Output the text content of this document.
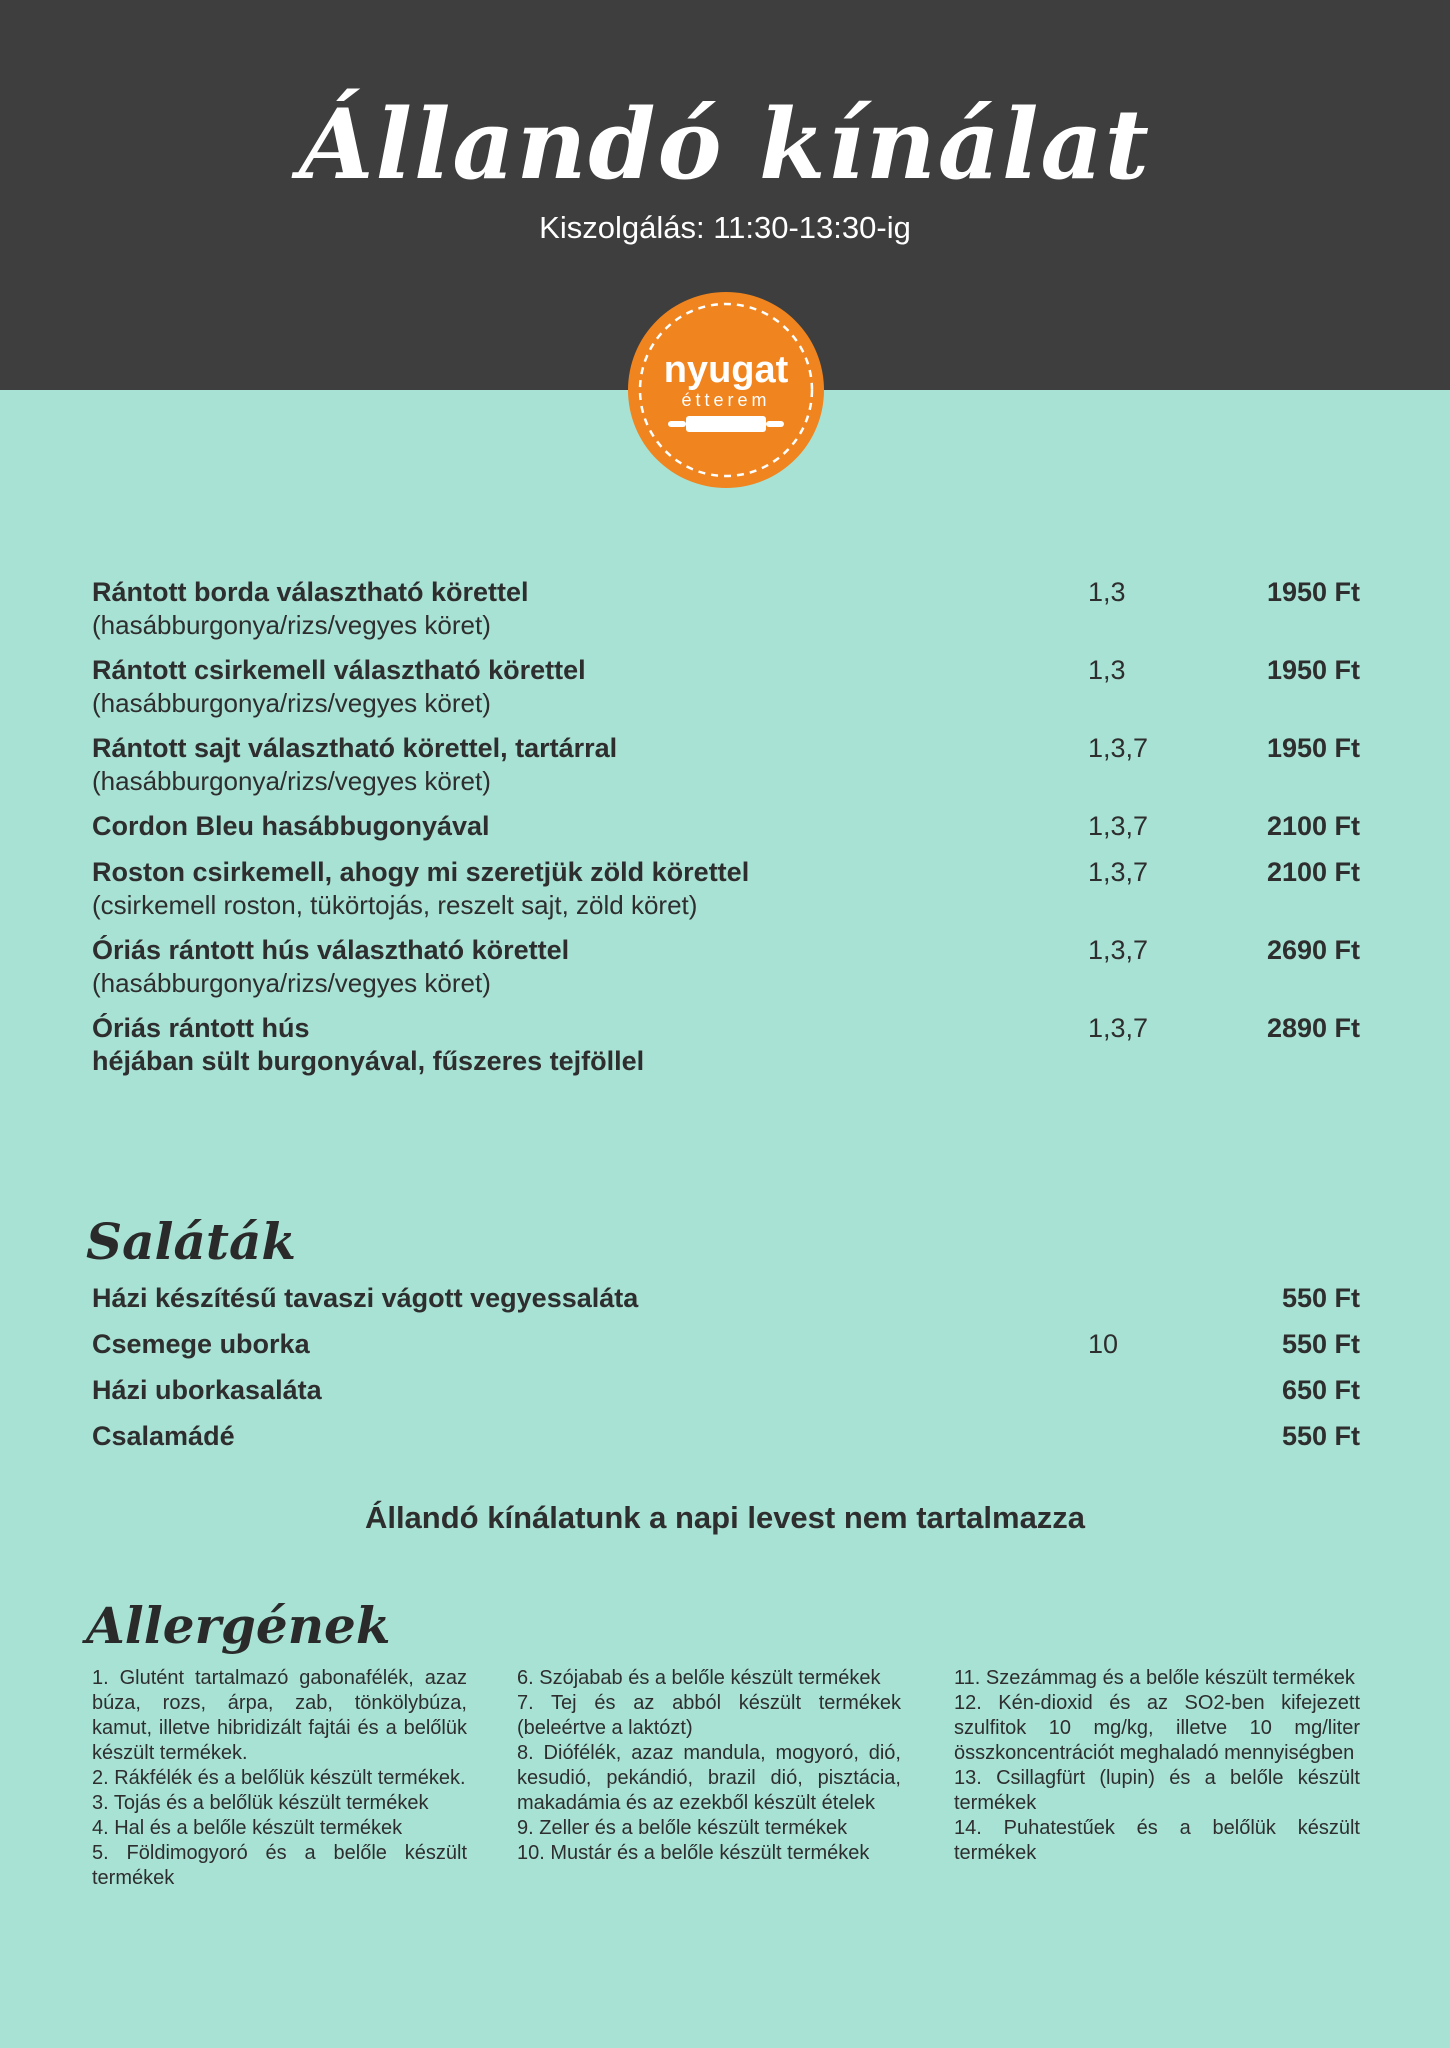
Állandó kínálat
Kiszolgálás: 11:30-13:30-ig
nyugat
étterem
Rántott borda választható körettel
(hasábburgonya/rizs/vegyes köret)
1,3	1950 Ft
Rántott csirkemell választható körettel
(hasábburgonya/rizs/vegyes köret)
1,3	1950 Ft
Rántott sajt választható körettel, tartárral
(hasábburgonya/rizs/vegyes köret)
1,3,7	1950 Ft
Cordon Bleu hasábbugonyával	1,3,7	2100 Ft
Roston csirkemell, ahogy mi szeretjük zöld körettel
(csirkemell roston, tükörtojás, reszelt sajt, zöld köret)
1,3,7	2100 Ft
Óriás rántott hús választható körettel
(hasábburgonya/rizs/vegyes köret)
1,3,7	2690 Ft
Óriás rántott hús
héjában sült burgonyával, fűszeres tejföllel
1,3,7	2890 Ft
Saláták
Házi készítésű tavaszi vágott vegyessaláta	550 Ft
Csemege uborka	10	550 Ft
Házi uborkasaláta	650 Ft
Csalamádé	550 Ft
Állandó kínálatunk a napi levest nem tartalmazza
Allergének
1. Glutént tartalmazó gabonafélék, azaz búza, rozs, árpa, zab, tönkölybúza, kamut, illetve hibridizált fajtái és a belőlük készült termékek.
2. Rákfélék és a belőlük készült termékek.
3. Tojás és a belőlük készült termékek
4. Hal és a belőle készült termékek
5. Földimogyoró és a belőle készült termékek
6. Szójabab és a belőle készült termékek
7. Tej és az abból készült termékek (beleértve a laktózt)
8. Diófélék, azaz mandula, mogyoró, dió, kesudió, pekándió, brazil dió, pisztácia, makadámia és az ezekből készült ételek
9. Zeller és a belőle készült termékek
10. Mustár és a belőle készült termékek
11. Szezámmag és a belőle készült termékek
12. Kén-dioxid és az SO2-ben kifejezett szulfitok 10 mg/kg, illetve 10 mg/liter összkoncentrációt meghaladó mennyiségben
13. Csillagfürt (lupin) és a belőle készült termékek
14. Puhatestűek és a belőlük készült termékek
